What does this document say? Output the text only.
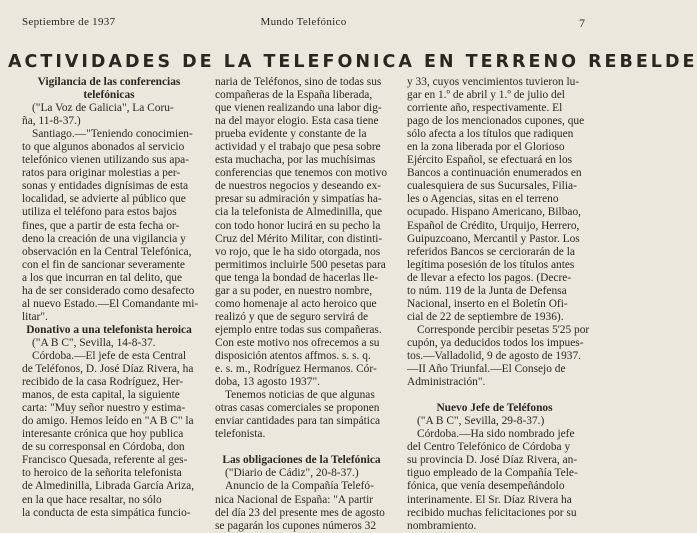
Septiembre de 1937	Mundo Telefónico	7
ACTIVIDADES DE LA TELEFONICA EN TERRENO REBELDE
Vigilancia de las conferencias
telefónicas
("La Voz de Galicia", La Coru-
ña, 11-8-37.)
Santiago.—"Teniendo conocimien-
to que algunos abonados al servicio
telefónico vienen utilizando sus apa-
ratos para originar molestias a per-
sonas y entidades dignísimas de esta
localidad, se advierte al público que
utiliza el teléfono para estos bajos
fines, que a partir de esta fecha or-
deno la creación de una vigilancia y
observación en la Central Telefónica,
con el fin de sancionar severamente
a los que incurran en tal delito, que
ha de ser considerado como desafecto
al nuevo Estado.—El Comandante mi-
litar".
Donativo a una telefonista heroica
("A B C", Sevilla, 14-8-37.
Córdoba.—El jefe de esta Central
de Teléfonos, D. José Díaz Rivera, ha
recibido de la casa Rodríguez, Her-
manos, de esta capital, la siguiente
carta: "Muy señor nuestro y estima-
do amigo. Hemos leído en "A B C" la
interesante crónica que hoy publica
de su corresponsal en Córdoba, don
Francisco Quesada, referente al ges-
to heroico de la señorita telefonista
de Almedinilla, Librada García Ariza,
en la que hace resaltar, no sólo
la conducta de esta simpática funcio-
naria de Teléfonos, sino de todas sus
compañeras de la España liberada,
que vienen realizando una labor dig-
na del mayor elogio. Esta casa tiene
prueba evidente y constante de la
actividad y el trabajo que pesa sobre
esta muchacha, por las muchísimas
conferencias que tenemos con motivo
de nuestros negocios y deseando ex-
presar su admiración y simpatías ha-
cia la telefonista de Almedinilla, que
con todo honor lucirá en su pecho la
Cruz del Mérito Militar, con distinti-
vo rojo, que le ha sido otorgada, nos
permitimos incluirle 500 pesetas para
que tenga la bondad de hacerlas lle-
gar a su poder, en nuestro nombre,
como homenaje al acto heroico que
realizó y que de seguro servirá de
ejemplo entre todas sus compañeras.
Con este motivo nos ofrecemos a su
disposición atentos affmos. s. s. q.
e. s. m., Rodríguez Hermanos. Cór-
doba, 13 agosto 1937".
Tenemos noticias de que algunas
otras casas comerciales se proponen
enviar cantidades para tan simpática
telefonista.
Las obligaciones de la Telefónica
("Diario de Cádiz", 20-8-37.)
Anuncio de la Compañía Telefó-
nica Nacional de España: "A partir
del día 23 del presente mes de agosto
se pagarán los cupones números 32
y 33, cuyos vencimientos tuvieron lu-
gar en 1.º de abril y 1.º de julio del
corriente año, respectivamente. El
pago de los mencionados cupones, que
sólo afecta a los títulos que radiquen
en la zona liberada por el Glorioso
Ejército Español, se efectuará en los
Bancos a continuación enumerados en
cualesquiera de sus Sucursales, Filia-
les o Agencias, sitas en el terreno
ocupado. Hispano Americano, Bilbao,
Español de Crédito, Urquijo, Herrero,
Guipuzcoano, Mercantil y Pastor. Los
referidos Bancos se cerciorarán de la
legítima posesión de los títulos antes
de llevar a efecto los pagos. (Decre-
to núm. 119 de la Junta de Defensa
Nacional, inserto en el Boletín Ofi-
cial de 22 de septiembre de 1936).
Corresponde percibir pesetas 5'25 por
cupón, ya deducidos todos los impues-
tos.—Valladolid, 9 de agosto de 1937.
—II Año Triunfal.—El Consejo de
Administración".
Nuevo Jefe de Teléfonos
("A B C", Sevilla, 29-8-37.)
Córdoba.—Ha sido nombrado jefe
del Centro Telefónico de Córdoba y
su provincia D. José Díaz Rivera, an-
tiguo empleado de la Compañía Tele-
fónica, que venía desempeñándolo
interinamente. El Sr. Díaz Rivera ha
recibido muchas felicitaciones por su
nombramiento.
